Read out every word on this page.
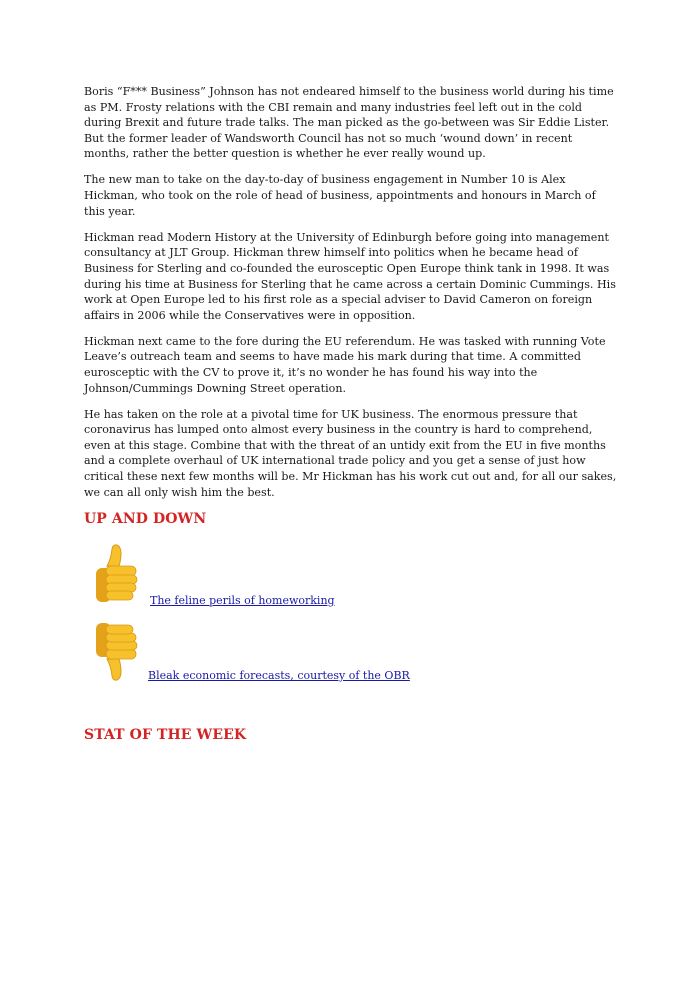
Boris “F*** Business” Johnson has not endeared himself to the business world during his time as PM. Frosty relations with the CBI remain and many industries feel left out in the cold during Brexit and future trade talks. The man picked as the go-between was Sir Eddie Lister. But the former leader of Wandsworth Council has not so much ‘wound down’ in recent months, rather the better question is whether he ever really wound up.

The new man to take on the day-to-day of business engagement in Number 10 is Alex Hickman, who took on the role of head of business, appointments and honours in March of this year.

Hickman read Modern History at the University of Edinburgh before going into management consultancy at JLT Group. Hickman threw himself into politics when he became head of Business for Sterling and co-founded the eurosceptic Open Europe think tank in 1998. It was during his time at Business for Sterling that he came across a certain Dominic Cummings. His work at Open Europe led to his first role as a special adviser to David Cameron on foreign affairs in 2006 while the Conservatives were in opposition.

Hickman next came to the fore during the EU referendum. He was tasked with running Vote Leave’s outreach team and seems to have made his mark during that time. A committed eurosceptic with the CV to prove it, it’s no wonder he has found his way into the Johnson/Cummings Downing Street operation.

He has taken on the role at a pivotal time for UK business. The enormous pressure that coronavirus has lumped onto almost every business in the country is hard to comprehend, even at this stage. Combine that with the threat of an untidy exit from the EU in five months and a complete overhaul of UK international trade policy and you get a sense of just how critical these next few months will be. Mr Hickman has his work cut out and, for all our sakes, we can all only wish him the best.

UP AND DOWN
The feline perils of homeworking
Bleak economic forecasts, courtesy of the OBR
STAT OF THE WEEK
